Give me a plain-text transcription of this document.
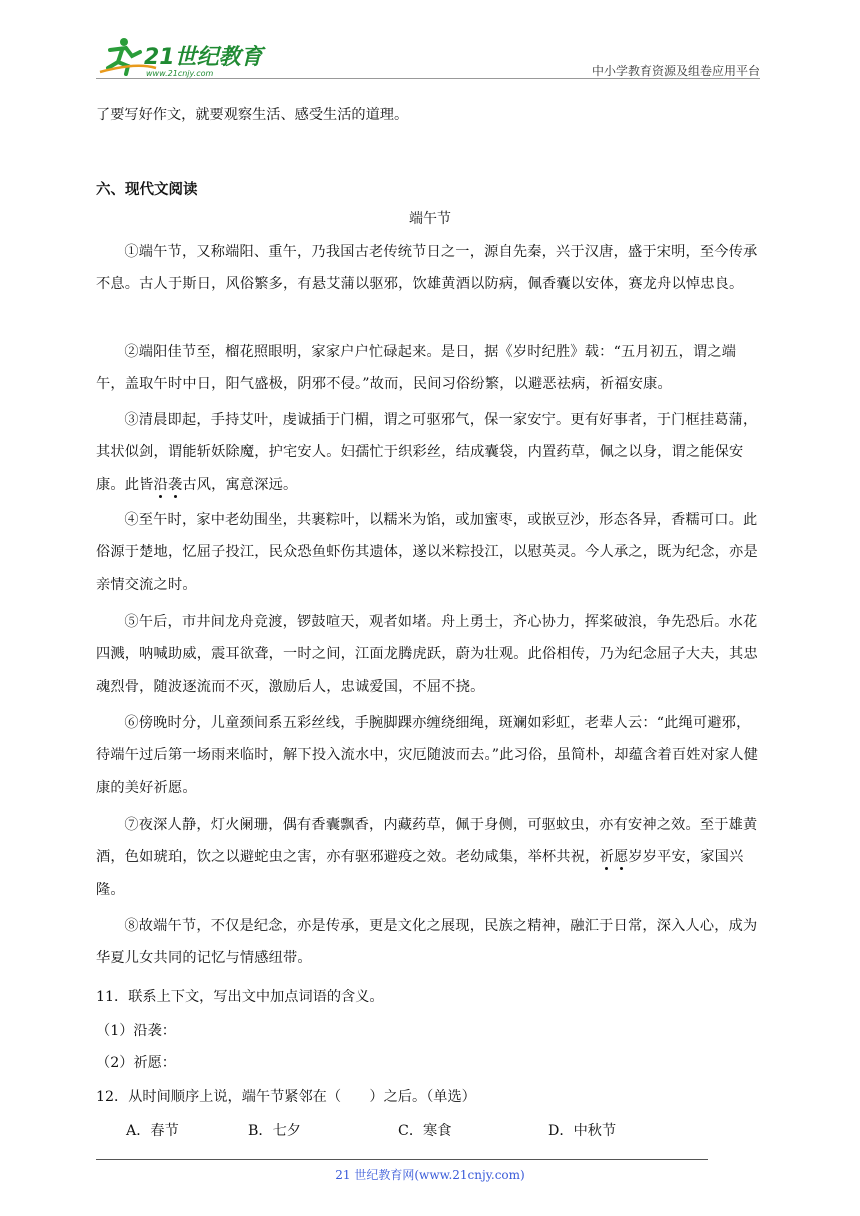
21世纪教育
www.21cnjy.com	中小学教育资源及组卷应用平台
了要写好作文，就要观察生活、感受生活的道理。
六、现代文阅读
端午节
①端午节，又称端阳、重午，乃我国古老传统节日之一，源自先秦，兴于汉唐，盛于宋明，至今传承不息。古人于斯日，风俗繁多，有悬艾蒲以驱邪，饮雄黄酒以防病，佩香囊以安体，赛龙舟以悼忠良。
②端阳佳节至，榴花照眼明，家家户户忙碌起来。是日，据《岁时纪胜》载：“五月初五，谓之端午，盖取午时中日，阳气盛极，阴邪不侵。”故而，民间习俗纷繁，以避恶祛病，祈福安康。
③清晨即起，手持艾叶，虔诚插于门楣，谓之可驱邪气，保一家安宁。更有好事者，于门框挂葛蒲，其状似剑，谓能斩妖除魔，护宅安人。妇孺忙于织彩丝，结成囊袋，内置药草，佩之以身，谓之能保安康。此皆沿袭古风，寓意深远。
④至午时，家中老幼围坐，共裹粽叶，以糯米为馅，或加蜜枣，或嵌豆沙，形态各异，香糯可口。此俗源于楚地，忆屈子投江，民众恐鱼虾伤其遗体，遂以米粽投江，以慰英灵。今人承之，既为纪念，亦是亲情交流之时。
⑤午后，市井间龙舟竞渡，锣鼓喧天，观者如堵。舟上勇士，齐心协力，挥桨破浪，争先恐后。水花四溅，呐喊助威，震耳欲聋，一时之间，江面龙腾虎跃，蔚为壮观。此俗相传，乃为纪念屈子大夫，其忠魂烈骨，随波逐流而不灭，激励后人，忠诚爱国，不屈不挠。
⑥傍晚时分，儿童颈间系五彩丝线，手腕脚踝亦缠绕细绳，斑斓如彩虹，老辈人云：“此绳可避邪，待端午过后第一场雨来临时，解下投入流水中，灾厄随波而去。”此习俗，虽简朴，却蕴含着百姓对家人健康的美好祈愿。
⑦夜深人静，灯火阑珊，偶有香囊飘香，内藏药草，佩于身侧，可驱蚊虫，亦有安神之效。至于雄黄酒，色如琥珀，饮之以避蛇虫之害，亦有驱邪避疫之效。老幼咸集，举杯共祝，祈愿岁岁平安，家国兴隆。
⑧故端午节，不仅是纪念，亦是传承，更是文化之展现，民族之精神，融汇于日常，深入人心，成为华夏儿女共同的记忆与情感纽带。
11．联系上下文，写出文中加点词语的含义。
（1）沿袭：
（2）祈愿：
12．从时间顺序上说，端午节紧邻在（　　）之后。（单选）
A．春节	B．七夕	C．寒食	D．中秋节
21 世纪教育网(www.21cnjy.com)
